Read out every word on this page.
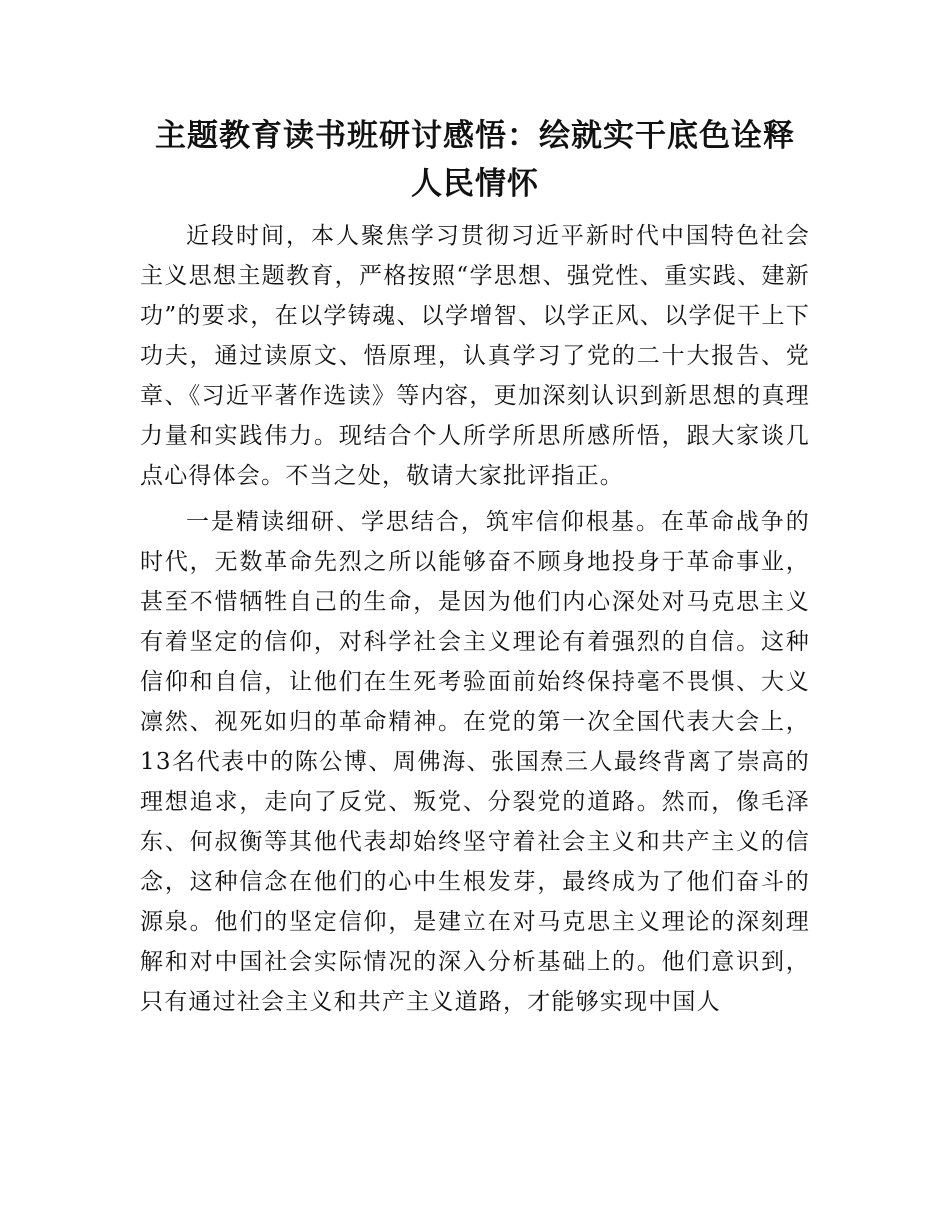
主题教育读书班研讨感悟：绘就实干底色诠释人民情怀

近段时间，本人聚焦学习贯彻习近平新时代中国特色社会主义思想主题教育，严格按照“学思想、强党性、重实践、建新功”的要求，在以学铸魂、以学增智、以学正风、以学促干上下功夫，通过读原文、悟原理，认真学习了党的二十大报告、党章、《习近平著作选读》等内容，更加深刻认识到新思想的真理力量和实践伟力。现结合个人所学所思所感所悟，跟大家谈几点心得体会。不当之处，敬请大家批评指正。

一是精读细研、学思结合，筑牢信仰根基。在革命战争的时代，无数革命先烈之所以能够奋不顾身地投身于革命事业，甚至不惜牺牲自己的生命，是因为他们内心深处对马克思主义有着坚定的信仰，对科学社会主义理论有着强烈的自信。这种信仰和自信，让他们在生死考验面前始终保持毫不畏惧、大义凛然、视死如归的革命精神。在党的第一次全国代表大会上，13名代表中的陈公博、周佛海、张国焘三人最终背离了崇高的理想追求，走向了反党、叛党、分裂党的道路。然而，像毛泽东、何叔衡等其他代表却始终坚守着社会主义和共产主义的信念，这种信念在他们的心中生根发芽，最终成为了他们奋斗的源泉。他们的坚定信仰，是建立在对马克思主义理论的深刻理解和对中国社会实际情况的深入分析基础上的。他们意识到，只有通过社会主义和共产主义道路，才能够实现中国人
